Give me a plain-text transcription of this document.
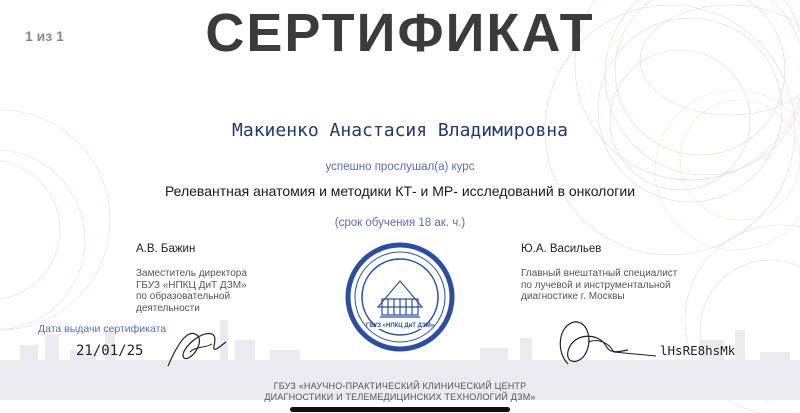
1 из 1	СЕРТИФИКАТ
Макиенко Анастасия Владимировна
успешно прослушал(а) курс
Релевантная анатомия и методики КТ- и МР- исследований в онкологии
(срок обучения 18 ак. ч.)
А.В. Бажин
Заместитель директора
ГБУЗ «НПКЦ ДиТ ДЗМ»
по образовательной
деятельности
Ю.А. Васильев
Главный внештатный специалист
по лучевой и инструментальной
диагностике г. Москвы
Дата выдачи сертификата
21/01/25	lHsRE8hsMk
ГБУЗ «НПКЦ ДиТ ДЗМ»
ГБУЗ «НАУЧНО-ПРАКТИЧЕСКИЙ КЛИНИЧЕСКИЙ ЦЕНТР
ДИАГНОСТИКИ И ТЕЛЕМЕДИЦИНСКИХ ТЕХНОЛОГИЙ ДЗМ»
